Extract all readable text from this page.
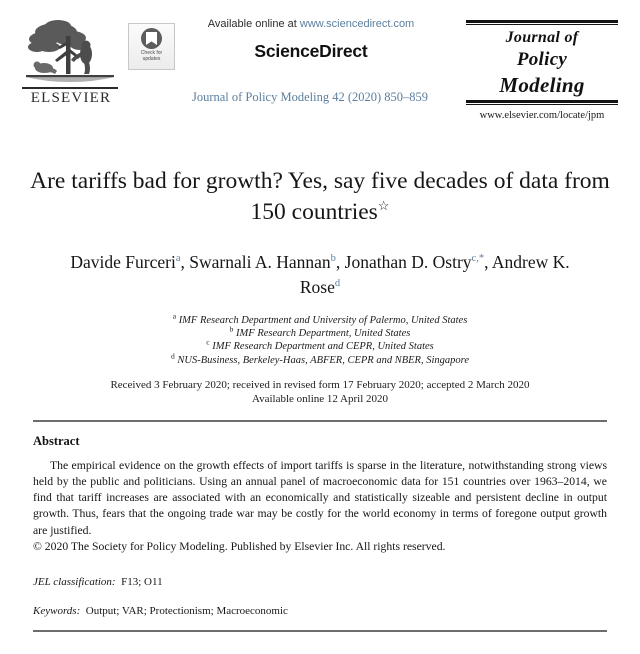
ELSEVIER
Check for
updates
Available online at www.sciencedirect.com
ScienceDirect
Journal of Policy Modeling 42 (2020) 850–859
Journal of
Policy
Modeling
www.elsevier.com/locate/jpm
Are tariffs bad for growth? Yes, say five decades of data from 150 countries☆
Davide Furceri$^a$, Swarnali A. Hannan$^b$, Jonathan D. Ostry$^{c,*}$, Andrew K. Rose$^d$
$^a$ IMF Research Department and University of Palermo, United States
$^b$ IMF Research Department, United States
$^c$ IMF Research Department and CEPR, United States
$^d$ NUS-Business, Berkeley-Haas, ABFER, CEPR and NBER, Singapore
Received 3 February 2020; received in revised form 17 February 2020; accepted 2 March 2020
Available online 12 April 2020
Abstract

The empirical evidence on the growth effects of import tariffs is sparse in the literature, notwithstanding strong views held by the public and politicians. Using an annual panel of macroeconomic data for 151 countries over 1963–2014, we find that tariff increases are associated with an economically and statistically sizeable and persistent decline in output growth. Thus, fears that the ongoing trade war may be costly for the world economy in terms of foregone output growth are justified.

© 2020 The Society for Policy Modeling. Published by Elsevier Inc. All rights reserved.

JEL classification: F13; O11
Keywords: Output; VAR; Protectionism; Macroeconomic
